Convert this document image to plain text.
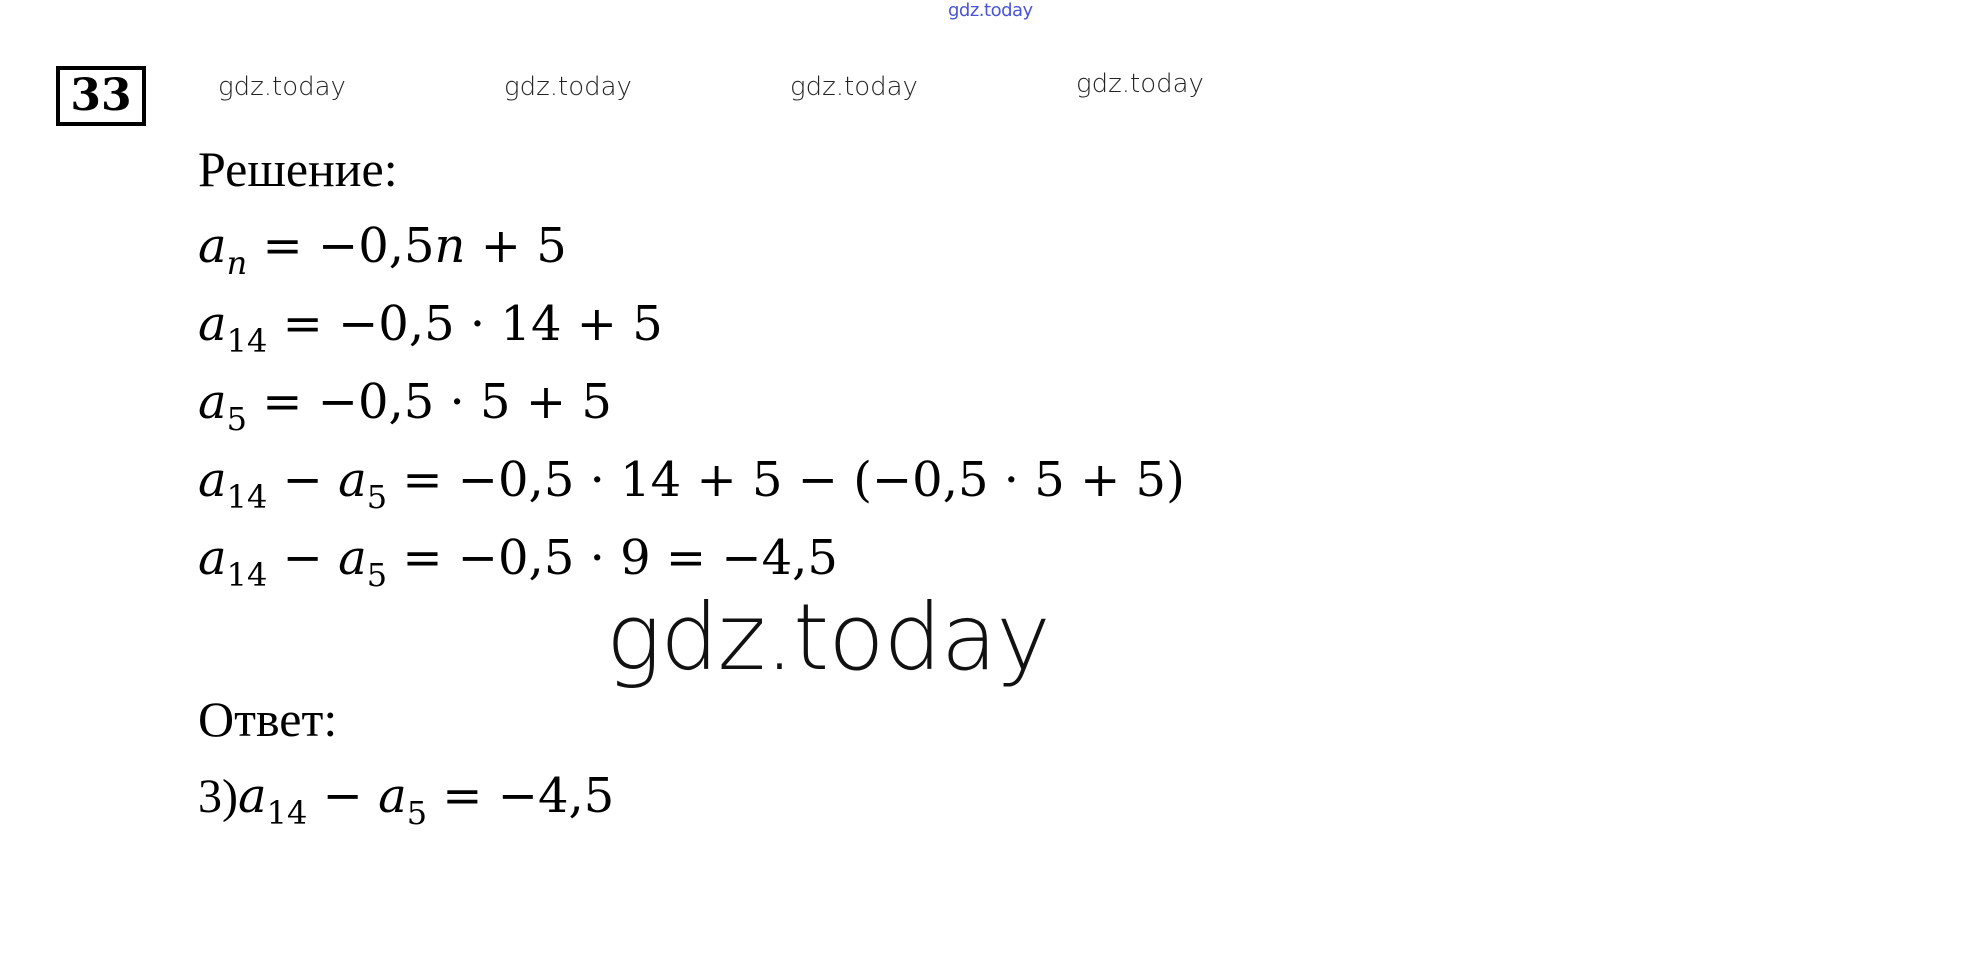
gdz.today
gdz.today	gdz.today	gdz.today	gdz.today
33
Решение:
$a_n = -0,5n + 5$
$a_{14} = -0,5 \cdot 14 + 5$
$a_5 = -0,5 \cdot 5 + 5$
$a_{14} - a_5 = -0,5 \cdot 14 + 5 - (-0,5 \cdot 5 + 5)$
$a_{14} - a_5 = -0,5 \cdot 9 = -4,5$
gdz.today
Ответ:
$3)a_{14} - a_5 = -4,5$
